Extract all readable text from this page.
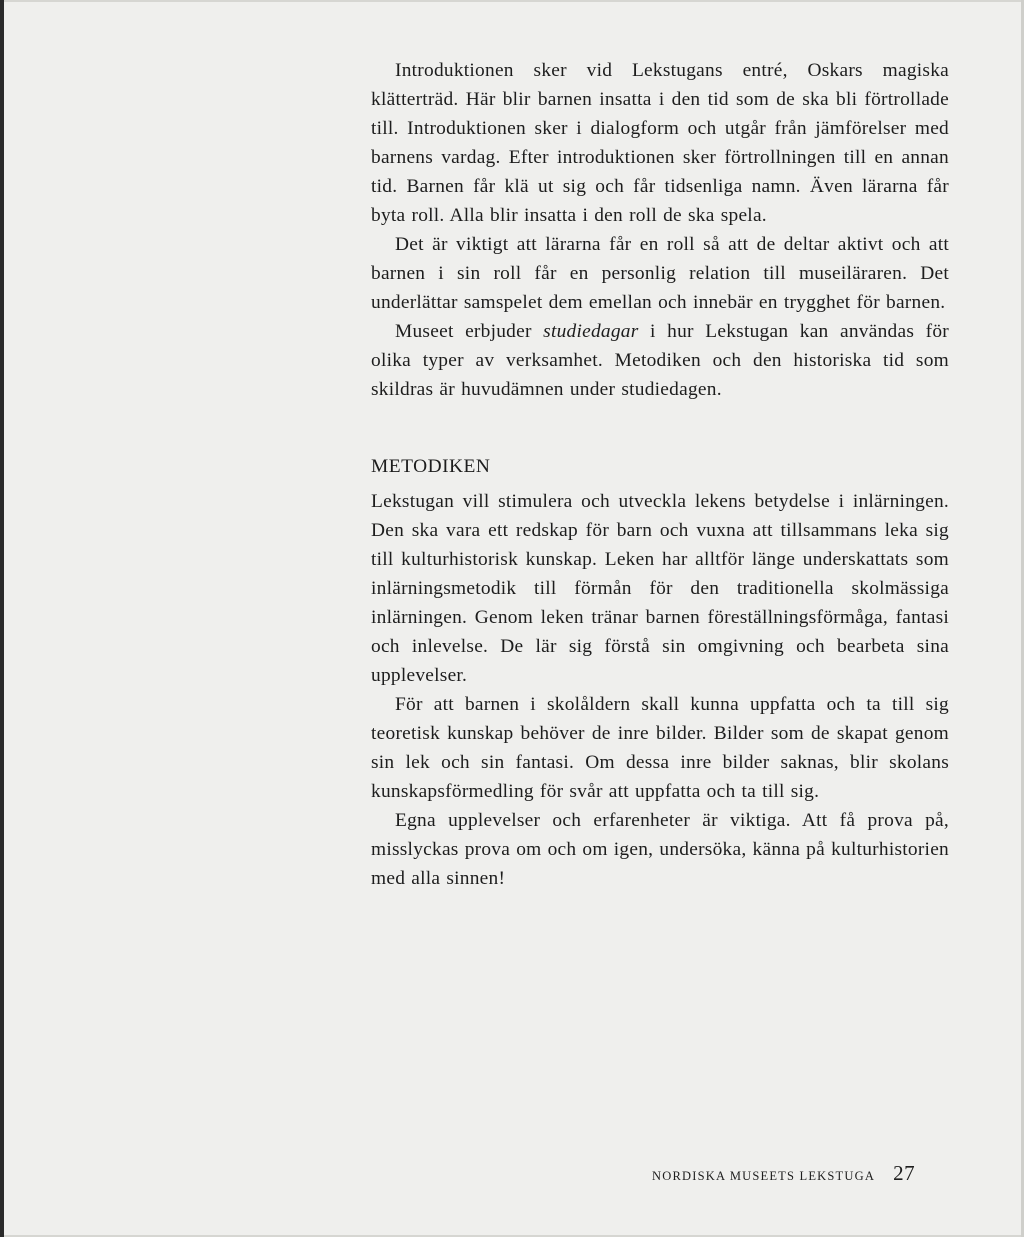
Introduktionen sker vid Lekstugans entré, Oskars magiska klätterträd. Här blir barnen insatta i den tid som de ska bli förtrollade till. Introduktionen sker i dialogform och utgår från jämförelser med barnens vardag. Efter introduktionen sker förtrollningen till en annan tid. Barnen får klä ut sig och får tidsenliga namn. Även lärarna får byta roll. Alla blir insatta i den roll de ska spela.

Det är viktigt att lärarna får en roll så att de deltar aktivt och att barnen i sin roll får en personlig relation till museiläraren. Det underlättar samspelet dem emellan och innebär en trygghet för barnen.

Museet erbjuder studiedagar i hur Lekstugan kan användas för olika typer av verksamhet. Metodiken och den historiska tid som skildras är huvudämnen under studiedagen.

METODIKEN

Lekstugan vill stimulera och utveckla lekens betydelse i inlärningen. Den ska vara ett redskap för barn och vuxna att tillsammans leka sig till kulturhistorisk kunskap. Leken har alltför länge underskattats som inlärningsmetodik till förmån för den traditionella skolmässiga inlärningen. Genom leken tränar barnen föreställningsförmåga, fantasi och inlevelse. De lär sig förstå sin omgivning och bearbeta sina upplevelser.

För att barnen i skolåldern skall kunna uppfatta och ta till sig teoretisk kunskap behöver de inre bilder. Bilder som de skapat genom sin lek och sin fantasi. Om dessa inre bilder saknas, blir skolans kunskapsförmedling för svår att uppfatta och ta till sig.

Egna upplevelser och erfarenheter är viktiga. Att få prova på, misslyckas prova om och om igen, undersöka, känna på kulturhistorien med alla sinnen!

NORDISKA MUSEETS LEKSTUGA 27
